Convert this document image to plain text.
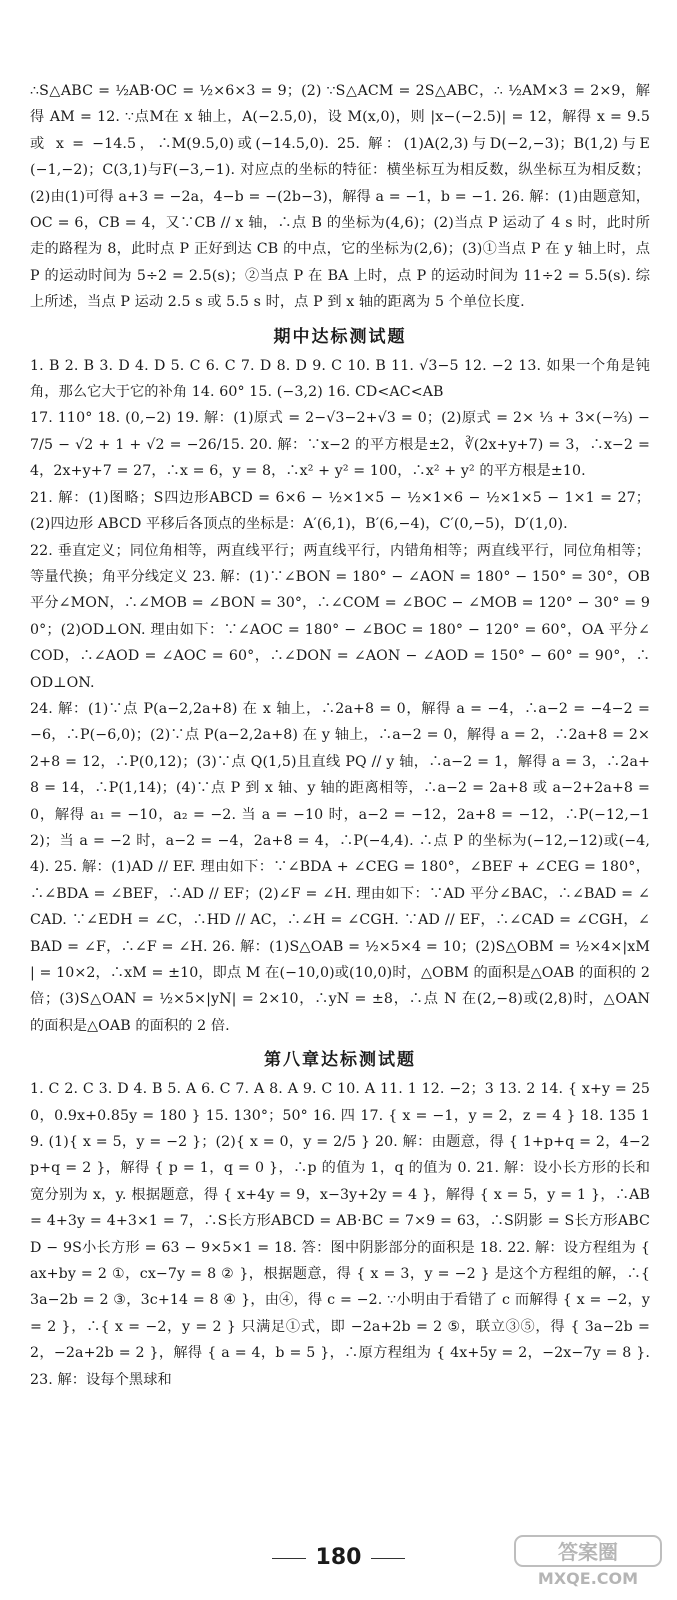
∴S△ABC = ½AB·OC = ½×6×3 = 9；(2) ∵S△ACM = 2S△ABC，∴ ½AM×3 = 2×9，解得 AM = 12. ∵点M在 x 轴上，A(−2.5,0)，设 M(x,0)，则 |x−(−2.5)| = 12，解得 x = 9.5 或 x = −14.5，∴M(9.5,0)或(−14.5,0). 25. 解：(1)A(2,3)与D(−2,−3)；B(1,2)与E(−1,−2)；C(3,1)与F(−3,−1). 对应点的坐标的特征：横坐标互为相反数，纵坐标互为相反数；(2)由(1)可得 a+3 = −2a，4−b = −(2b−3)，解得 a = −1，b = −1. 26. 解：(1)由题意知，OC = 6，CB = 4，又∵CB // x 轴，∴点 B 的坐标为(4,6)；(2)当点 P 运动了 4 s 时，此时所走的路程为 8，此时点 P 正好到达 CB 的中点，它的坐标为(2,6)；(3)①当点 P 在 y 轴上时，点 P 的运动时间为 5÷2 = 2.5(s)；②当点 P 在 BA 上时，点 P 的运动时间为 11÷2 = 5.5(s). 综上所述，当点 P 运动 2.5 s 或 5.5 s 时，点 P 到 x 轴的距离为 5 个单位长度.

期中达标测试题

1. B 2. B 3. D 4. D 5. C 6. C 7. D 8. D 9. C 10. B 11. √3−5 12. −2 13. 如果一个角是钝角，那么它大于它的补角 14. 60° 15. (−3,2) 16. CD<AC<AB

17. 110° 18. (0,−2) 19. 解：(1)原式 = 2−√3−2+√3 = 0；(2)原式 = 2× ⅓ + 3×(−⅔) − 7/5 − √2 + 1 + √2 = −26/15. 20. 解：∵x−2 的平方根是±2，∛(2x+y+7) = 3，∴x−2 = 4，2x+y+7 = 27，∴x = 6，y = 8，∴x² + y² = 100，∴x² + y² 的平方根是±10.

21. 解：(1)图略；S四边形ABCD = 6×6 − ½×1×5 − ½×1×6 − ½×1×5 − 1×1 = 27；(2)四边形 ABCD 平移后各顶点的坐标是：A′(6,1)，B′(6,−4)，C′(0,−5)，D′(1,0).

22. 垂直定义；同位角相等，两直线平行；两直线平行，内错角相等；两直线平行，同位角相等；等量代换；角平分线定义 23. 解：(1)∵∠BON = 180° − ∠AON = 180° − 150° = 30°，OB 平分∠MON，∴∠MOB = ∠BON = 30°，∴∠COM = ∠BOC − ∠MOB = 120° − 30° = 90°；(2)OD⊥ON. 理由如下：∵∠AOC = 180° − ∠BOC = 180° − 120° = 60°，OA 平分∠COD，∴∠AOD = ∠AOC = 60°，∴∠DON = ∠AON − ∠AOD = 150° − 60° = 90°，∴OD⊥ON.

24. 解：(1)∵点 P(a−2,2a+8) 在 x 轴上，∴2a+8 = 0，解得 a = −4，∴a−2 = −4−2 = −6，∴P(−6,0)；(2)∵点 P(a−2,2a+8) 在 y 轴上，∴a−2 = 0，解得 a = 2，∴2a+8 = 2×2+8 = 12，∴P(0,12)；(3)∵点 Q(1,5)且直线 PQ // y 轴，∴a−2 = 1，解得 a = 3，∴2a+8 = 14，∴P(1,14)；(4)∵点 P 到 x 轴、y 轴的距离相等，∴a−2 = 2a+8 或 a−2+2a+8 = 0，解得 a₁ = −10，a₂ = −2. 当 a = −10 时，a−2 = −12，2a+8 = −12，∴P(−12,−12)；当 a = −2 时，a−2 = −4，2a+8 = 4，∴P(−4,4). ∴点 P 的坐标为(−12,−12)或(−4,4). 25. 解：(1)AD // EF. 理由如下：∵∠BDA + ∠CEG = 180°，∠BEF + ∠CEG = 180°，∴∠BDA = ∠BEF，∴AD // EF；(2)∠F = ∠H. 理由如下：∵AD 平分∠BAC，∴∠BAD = ∠CAD. ∵∠EDH = ∠C，∴HD // AC，∴∠H = ∠CGH. ∵AD // EF，∴∠CAD = ∠CGH，∠BAD = ∠F，∴∠F = ∠H. 26. 解：(1)S△OAB = ½×5×4 = 10；(2)S△OBM = ½×4×|xM| = 10×2，∴xM = ±10，即点 M 在(−10,0)或(10,0)时，△OBM 的面积是△OAB 的面积的 2 倍；(3)S△OAN = ½×5×|yN| = 2×10，∴yN = ±8，∴点 N 在(2,−8)或(2,8)时，△OAN 的面积是△OAB 的面积的 2 倍.

第八章达标测试题

1. C 2. C 3. D 4. B 5. A 6. C 7. A 8. A 9. C 10. A 11. 1 12. −2；3 13. 2 14. { x+y = 250，0.9x+0.85y = 180 } 15. 130°；50° 16. 四 17. { x = −1，y = 2，z = 4 } 18. 135 19. (1){ x = 5，y = −2 }；(2){ x = 0，y = 2/5 } 20. 解：由题意，得 { 1+p+q = 2，4−2p+q = 2 }，解得 { p = 1，q = 0 }，∴p 的值为 1，q 的值为 0. 21. 解：设小长方形的长和宽分别为 x，y. 根据题意，得 { x+4y = 9，x−3y+2y = 4 }，解得 { x = 5，y = 1 }，∴AB = 4+3y = 4+3×1 = 7，∴S长方形ABCD = AB·BC = 7×9 = 63，∴S阴影 = S长方形ABCD − 9S小长方形 = 63 − 9×5×1 = 18. 答：图中阴影部分的面积是 18. 22. 解：设方程组为 { ax+by = 2 ①，cx−7y = 8 ② }，根据题意，得 { x = 3，y = −2 } 是这个方程组的解，∴{ 3a−2b = 2 ③，3c+14 = 8 ④ }，由④，得 c = −2. ∵小明由于看错了 c 而解得 { x = −2，y = 2 }，∴{ x = −2，y = 2 } 只满足①式，即 −2a+2b = 2 ⑤，联立③⑤，得 { 3a−2b = 2，−2a+2b = 2 }，解得 { a = 4，b = 5 }，∴原方程组为 { 4x+5y = 2，−2x−7y = 8 }. 23. 解：设每个黑球和

180	答案圈
MXQE.COM
